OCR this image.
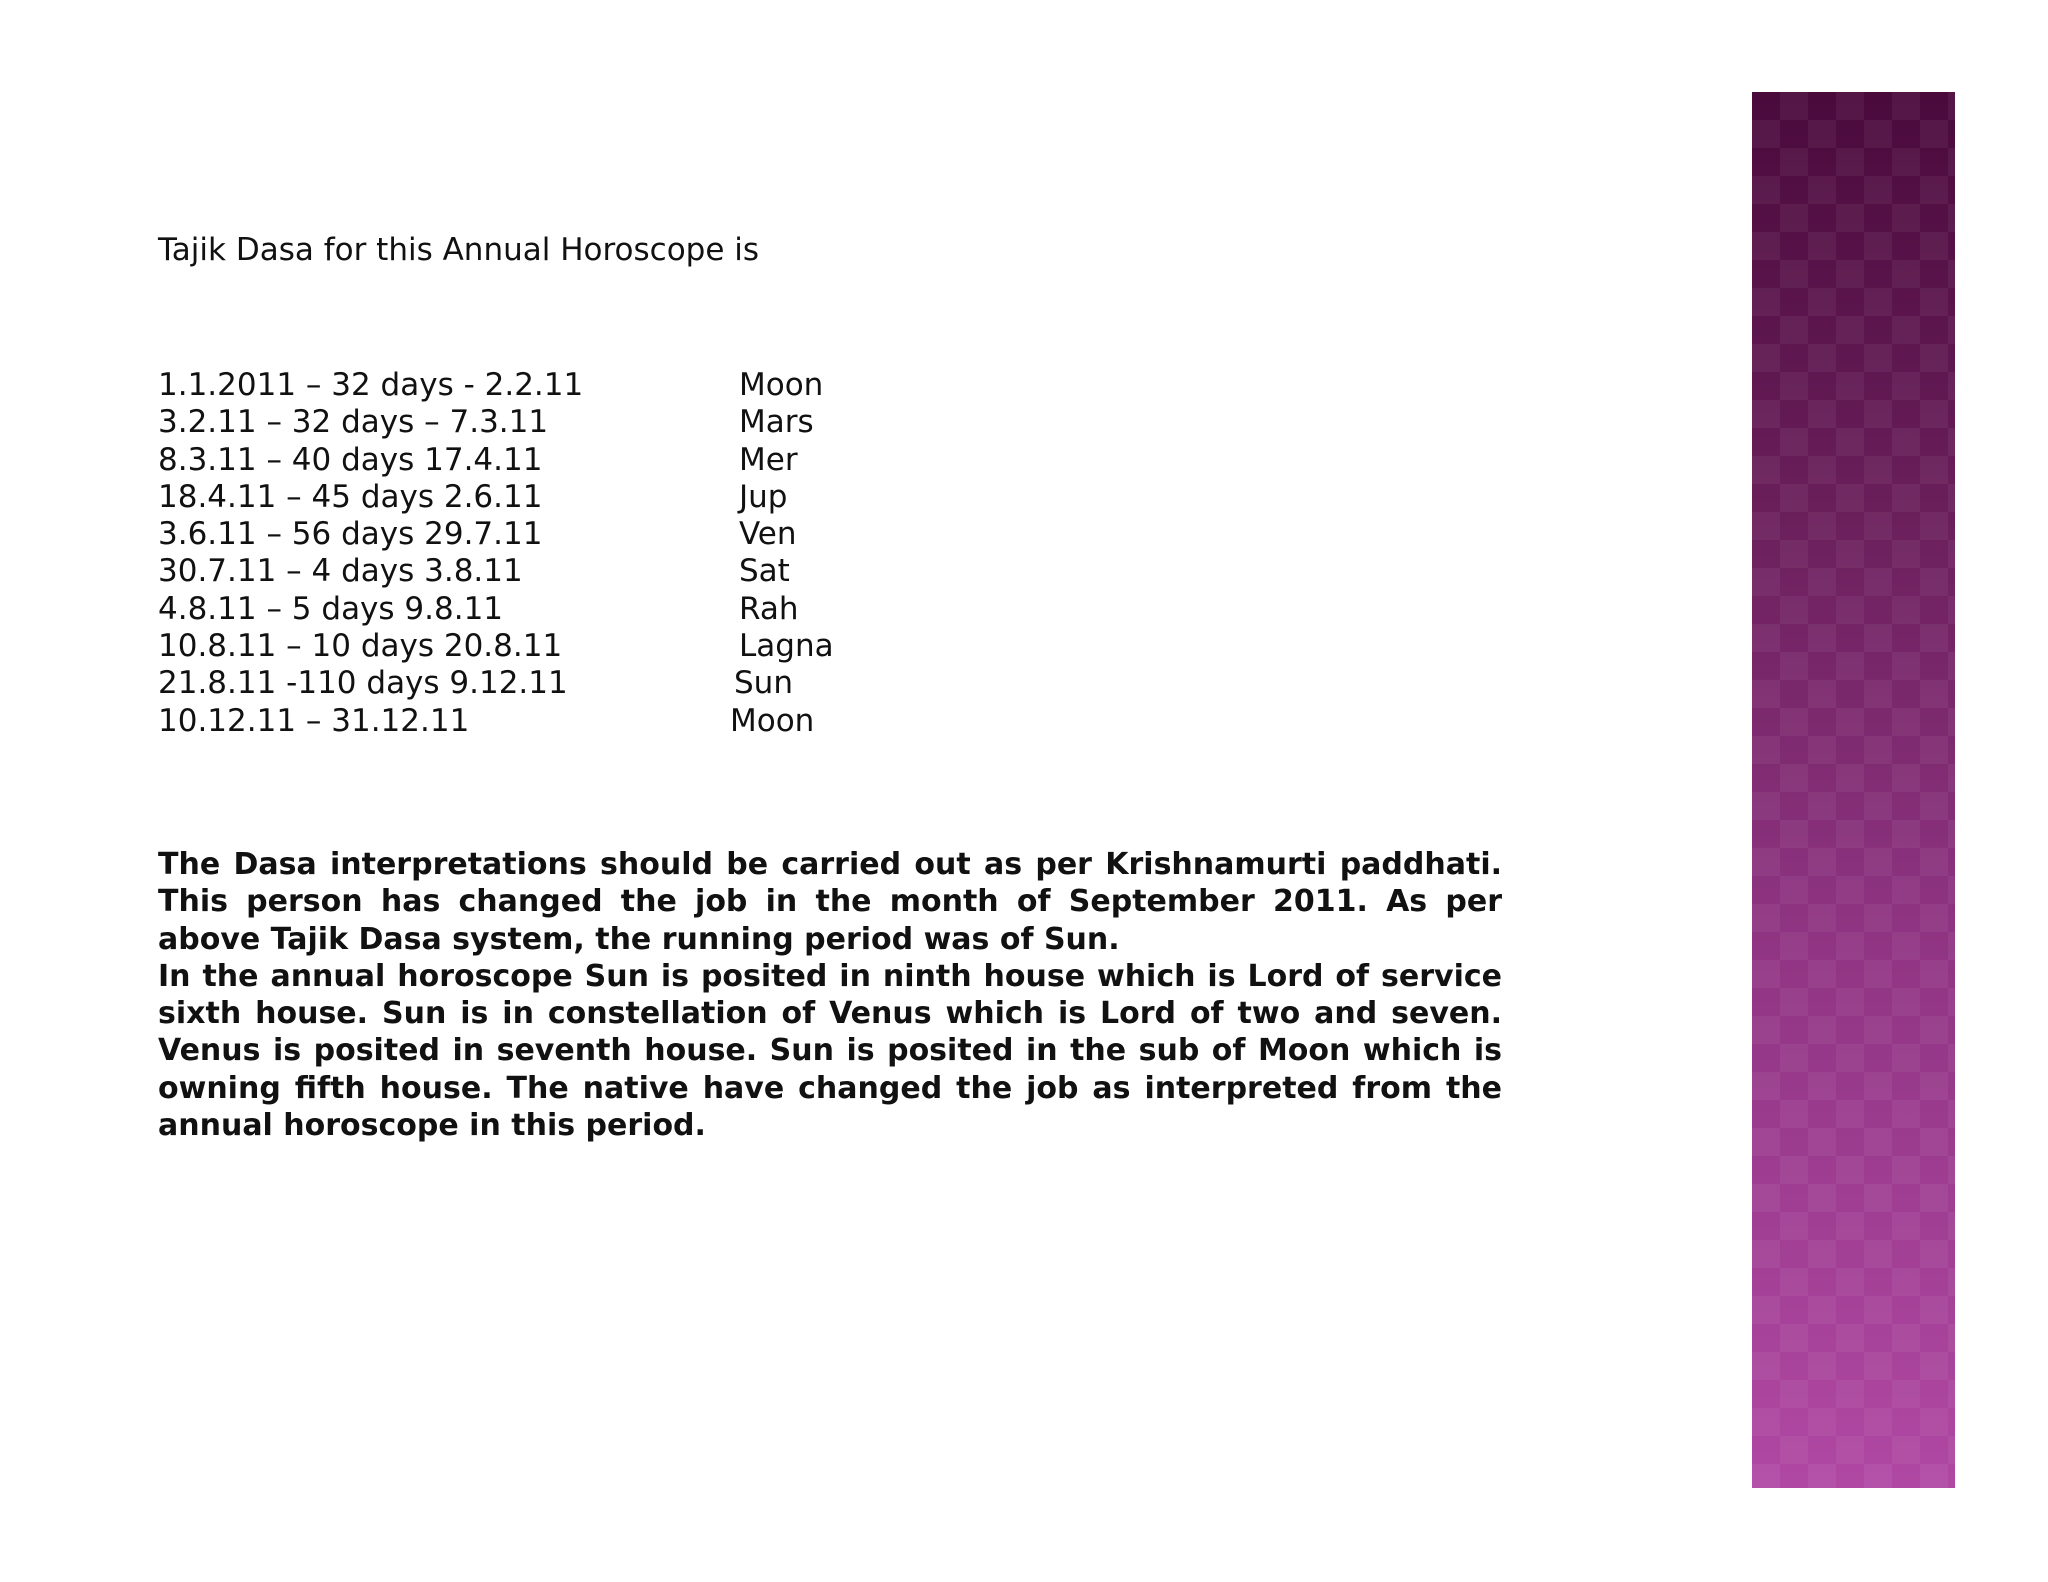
Tajik Dasa for this Annual Horoscope is
1.1.2011 – 32 days - 2.2.11	Moon
3.2.11 – 32 days – 7.3.11	Mars
8.3.11 – 40 days 17.4.11	Mer
18.4.11 – 45 days 2.6.11	Jup
3.6.11 – 56 days 29.7.11	Ven
30.7.11 – 4 days 3.8.11	Sat
4.8.11 – 5 days 9.8.11	Rah
10.8.11 – 10 days 20.8.11	Lagna
21.8.11 -110 days 9.12.11	Sun
10.12.11 – 31.12.11	Moon

The Dasa interpretations should be carried out as per Krishnamurti paddhati. This person has changed the job in the month of September 2011. As per above Tajik Dasa system, the running period was of Sun.

In the annual horoscope Sun is posited in ninth house which is Lord of service sixth house. Sun is in constellation of Venus which is Lord of two and seven. Venus is posited in seventh house. Sun is posited in the sub of Moon which is owning fifth house. The native have changed the job as interpreted from the annual horoscope in this period.
